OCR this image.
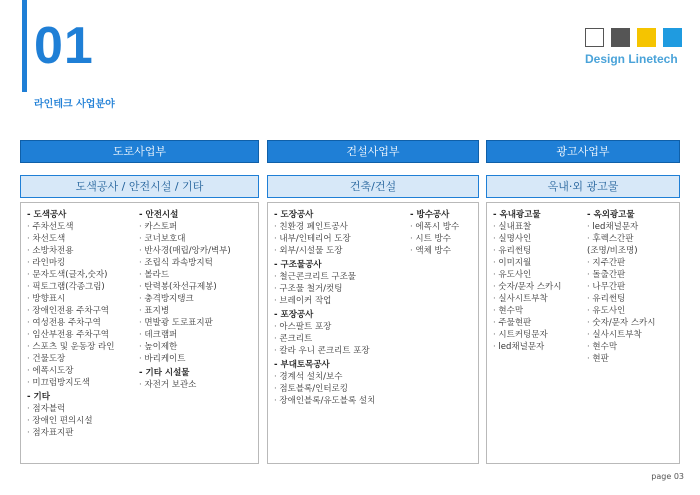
01
라인테크 사업분야
Design Linetech
도로사업부
도색공사 / 안전시설 / 기타
- 도색공사
· 주차선도색
· 차선도색
· 소방차전용
· 라인마킹
· 문자도색(글자,숫자)
· 픽토그램(각종그림)
· 방향표시
· 장애인전용 주차구역
· 여성전용 주차구역
· 임산부전용 주차구역
· 스포츠 및 운동장 라인
· 건물도장
· 에폭시도장
· 미끄럼방지도색
- 기타
· 점자블럭
· 장애인 편의시설
· 점자표지판
- 안전시설
· 카스토퍼
· 코너보호대
· 반사경(매립/앙카/벽부)
· 조립식 과속방지턱
· 볼라드
· 탄력봉(차선규제봉)
· 충격방지탱크
· 표지병
· 면발광 도로표지판
· 데크램퍼
· 높이제한
· 바리케이트
- 기타 시설물
· 자전거 보관소
건설사업부
건축/건설
- 도장공사
· 친환경 페인트공사
· 내부/인테리어 도장
· 외부/시설물 도장
- 구조물공사
· 철근콘크리트 구조물
· 구조물 철거/컷팅
· 브레이커 작업
- 포장공사
· 아스팔트 포장
· 콘크리트
· 칼라 우니 콘크리트 포장
- 부대토목공사
· 경계석 설치/보수
· 점토블록/인터로킹
· 장애인블록/유도블록 설치
- 방수공사
· 에폭시 방수
· 시트 방수
· 액체 방수
광고사업부
옥내·외 광고물
- 옥내광고물
· 실내표찰
· 실명사인
· 유리썬팅
· 이미지월
· 유도사인
· 숫자/문자 스카시
· 실사시트부착
· 현수막
· 주물현판
· 시트커팅문자
· led채널문자
- 옥외광고물
· led채널문자
· 후렉스간판
(조명/비조명)
· 지주간판
· 돌출간판
· 나무간판
· 유리썬팅
· 유도사인
· 숫자/문자 스카시
· 실사시트부착
· 현수막
· 현판
page 03
